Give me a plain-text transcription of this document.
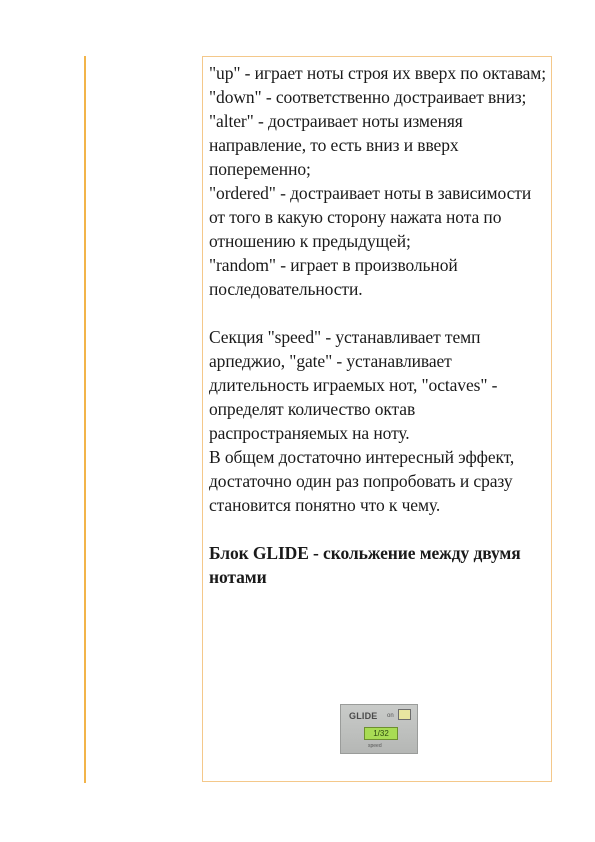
"up" - играет ноты строя их вверх по октавам;

"down" - соответственно достраивает вниз;

"alter" - достраивает ноты изменяя направление, то есть вниз и вверх попеременно;

"ordered" - достраивает ноты в зависимости от того в какую сторону нажата нота по отношению к предыдущей;

"random" - играет в произвольной последовательности.

Секция "speed" - устанавливает темп арпеджио, "gate" - устанавливает длительность играемых нот, "octaves" - определят количество октав распространяемых на ноту.

В общем достаточно интересный эффект, достаточно один раз попробовать и сразу становится понятно что к чему.

Блок GLIDE - скольжение между двумя нотами

GLIDE on
1/32
speed
